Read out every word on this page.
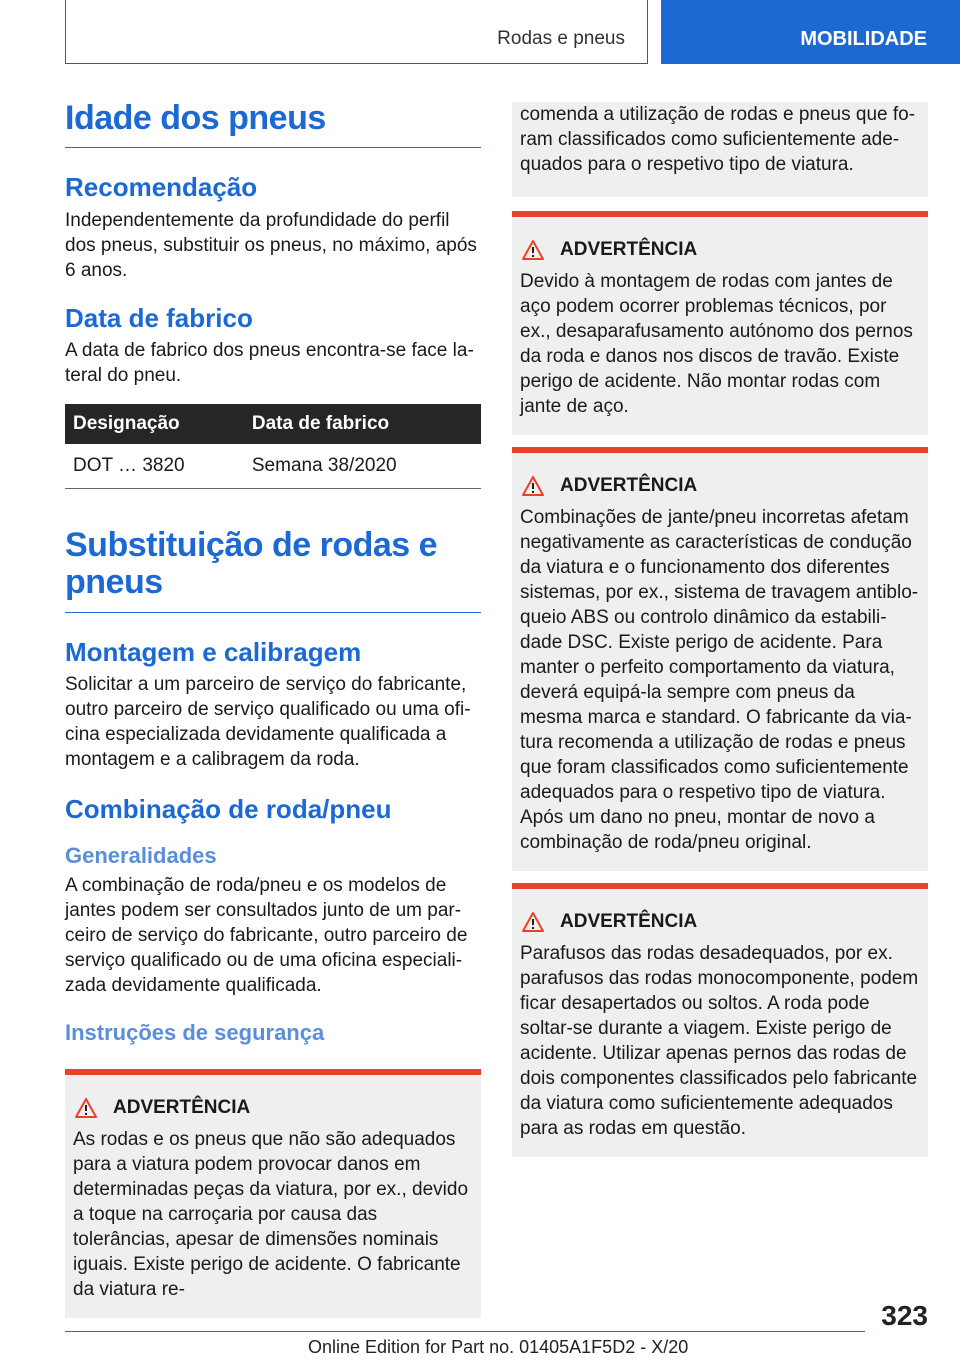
Rodas e pneus	MOBILIDADE
Idade dos pneus
Recomendação

Independentemente da profundidade do perfil dos pneus, substituir os pneus, no máximo, após 6 anos.

Data de fabrico

A data de fabrico dos pneus encontra-se face lateral do pneu.

Designação	Data de fabrico
DOT … 3820	Semana 38/2020
Substituição de rodas e pneus
Montagem e calibragem

Solicitar a um parceiro de serviço do fabricante, outro parceiro de serviço qualificado ou uma oficina especializada devidamente qualificada a montagem e a calibragem da roda.

Combinação de roda/pneu
Generalidades

A combinação de roda/pneu e os modelos de jantes podem ser consultados junto de um parceiro de serviço do fabricante, outro parceiro de serviço qualificado ou de uma oficina especializada devidamente qualificada.

Instruções de segurança
ADVERTÊNCIA

As rodas e os pneus que não são adequados para a viatura podem provocar danos em determinadas peças da viatura, por ex., devido a toque na carroçaria por causa das tolerâncias, apesar de dimensões nominais iguais. Existe perigo de acidente. O fabricante da viatura re-

comenda a utilização de rodas e pneus que foram classificados como suficientemente adequados para o respetivo tipo de viatura.

ADVERTÊNCIA

Devido à montagem de rodas com jantes de aço podem ocorrer problemas técnicos, por ex., desaparafusamento autónomo dos pernos da roda e danos nos discos de travão. Existe perigo de acidente. Não montar rodas com jante de aço.

ADVERTÊNCIA

Combinações de jante/pneu incorretas afetam negativamente as características de condução da viatura e o funcionamento dos diferentes sistemas, por ex., sistema de travagem antibloqueio ABS ou controlo dinâmico da estabilidade DSC. Existe perigo de acidente. Para manter o perfeito comportamento da viatura, deverá equipá-la sempre com pneus da mesma marca e standard. O fabricante da viatura recomenda a utilização de rodas e pneus que foram classificados como suficientemente adequados para o respetivo tipo de viatura. Após um dano no pneu, montar de novo a combinação de roda/pneu original.

ADVERTÊNCIA

Parafusos das rodas desadequados, por ex. parafusos das rodas monocomponente, podem ficar desapertados ou soltos. A roda pode soltar-se durante a viagem. Existe perigo de acidente. Utilizar apenas pernos das rodas de dois componentes classificados pelo fabricante da viatura como suficientemente adequados para as rodas em questão.

323
Online Edition for Part no. 01405A1F5D2 - X/20
